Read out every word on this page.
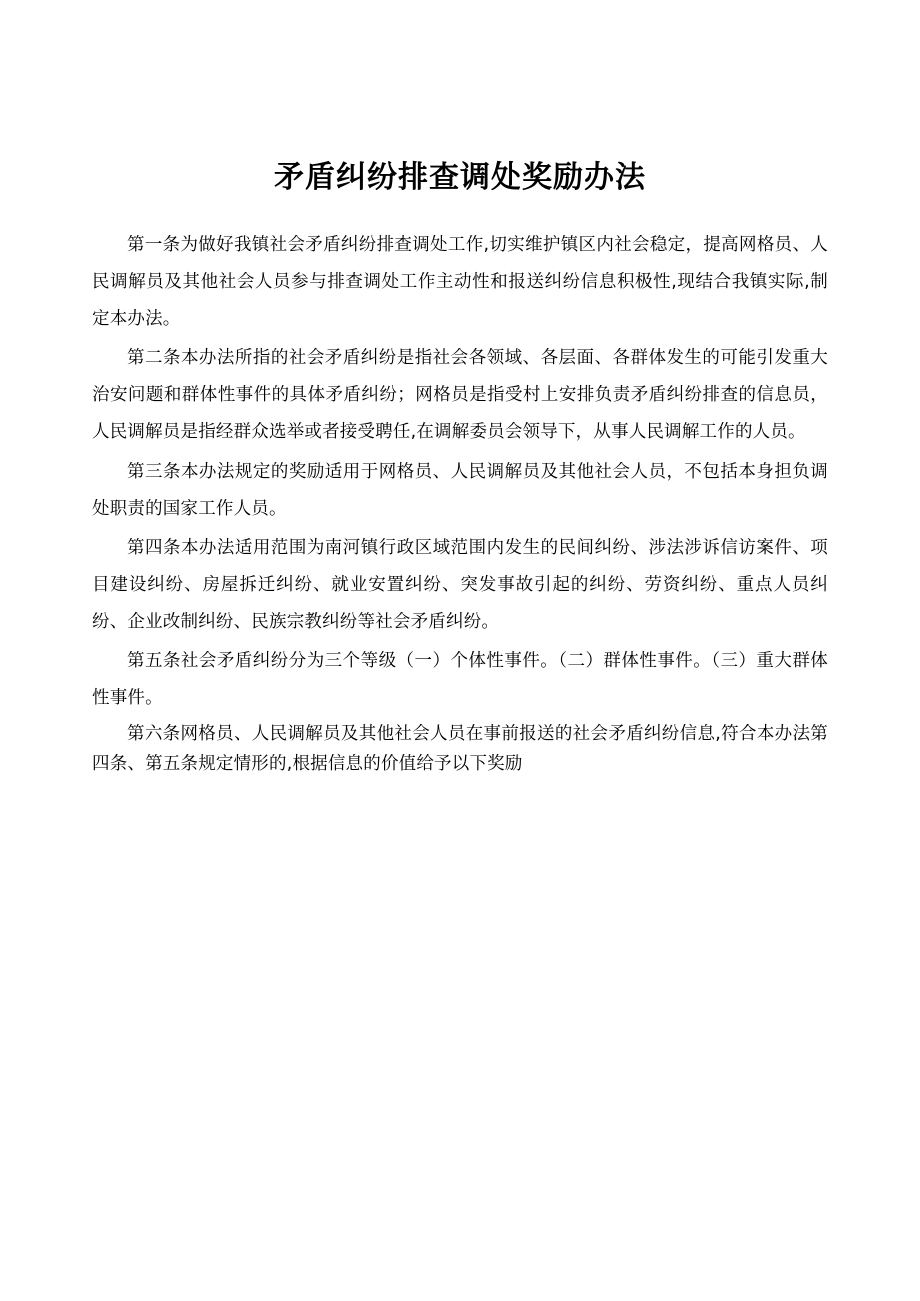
矛盾纠纷排查调处奖励办法

第一条为做好我镇社会矛盾纠纷排查调处工作,切实维护镇区内社会稳定，提高网格员、人民调解员及其他社会人员参与排查调处工作主动性和报送纠纷信息积极性,现结合我镇实际,制定本办法。

第二条本办法所指的社会矛盾纠纷是指社会各领域、各层面、各群体发生的可能引发重大治安问题和群体性事件的具体矛盾纠纷；网格员是指受村上安排负责矛盾纠纷排查的信息员，人民调解员是指经群众选举或者接受聘任,在调解委员会领导下，从事人民调解工作的人员。

第三条本办法规定的奖励适用于网格员、人民调解员及其他社会人员，不包括本身担负调处职责的国家工作人员。

第四条本办法适用范围为南河镇行政区域范围内发生的民间纠纷、涉法涉诉信访案件、项目建设纠纷、房屋拆迁纠纷、就业安置纠纷、突发事故引起的纠纷、劳资纠纷、重点人员纠纷、企业改制纠纷、民族宗教纠纷等社会矛盾纠纷。

第五条社会矛盾纠纷分为三个等级（一）个体性事件。（二）群体性事件。（三）重大群体性事件。

第六条网格员、人民调解员及其他社会人员在事前报送的社会矛盾纠纷信息,符合本办法第四条、第五条规定情形的,根据信息的价值给予以下奖励
